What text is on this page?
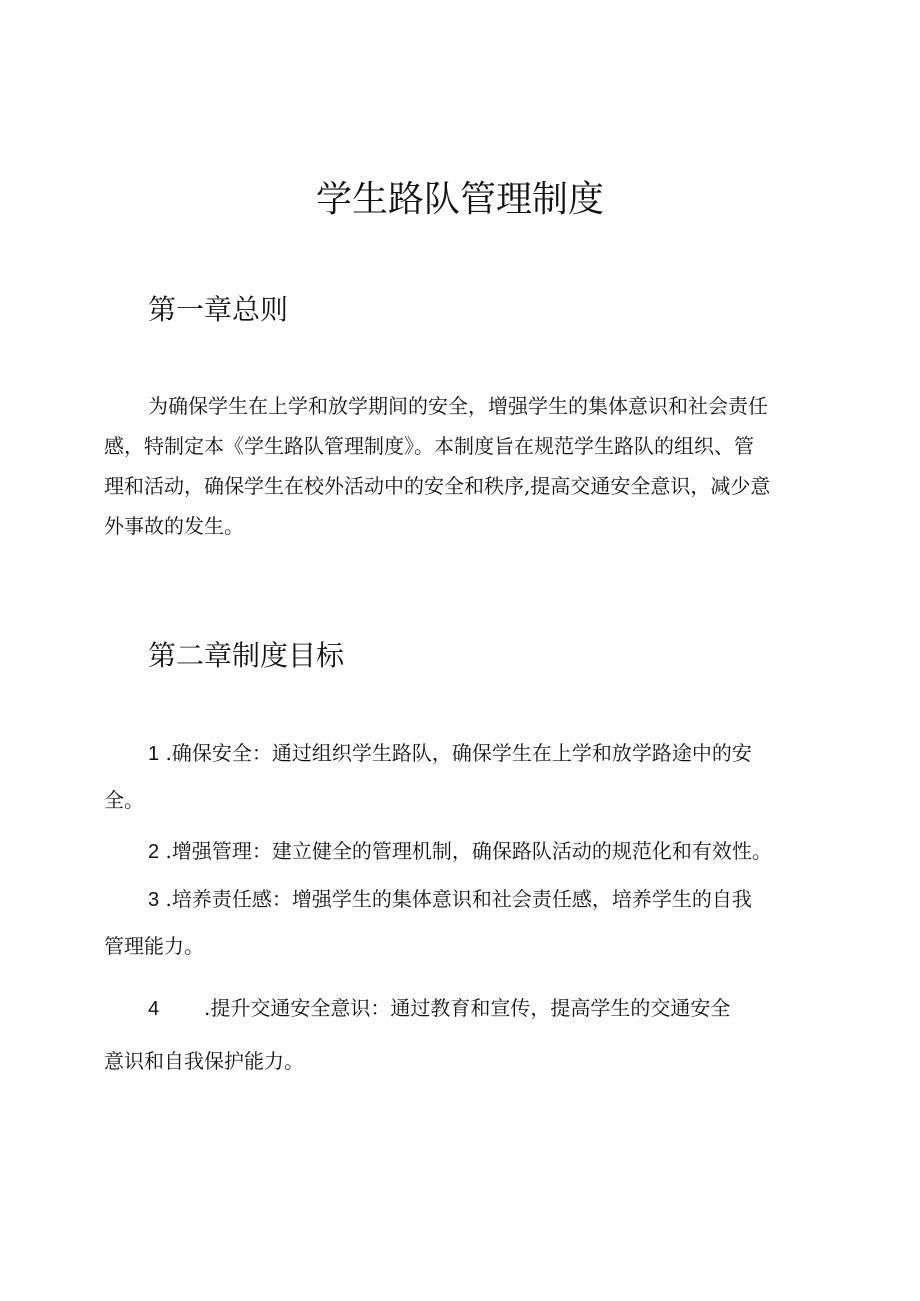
学生路队管理制度
第一章总则
为确保学生在上学和放学期间的安全，增强学生的集体意识和社会责任
感，特制定本《学生路队管理制度》。本制度旨在规范学生路队的组织、管
理和活动，确保学生在校外活动中的安全和秩序,提高交通安全意识，减少意
外事故的发生。
第二章制度目标
1 .确保安全：通过组织学生路队，确保学生在上学和放学路途中的安
全。
2 .增强管理：建立健全的管理机制，确保路队活动的规范化和有效性。
3 .培养责任感：增强学生的集体意识和社会责任感，培养学生的自我
管理能力。
4 .提升交通安全意识：通过教育和宣传，提高学生的交通安全
意识和自我保护能力。
